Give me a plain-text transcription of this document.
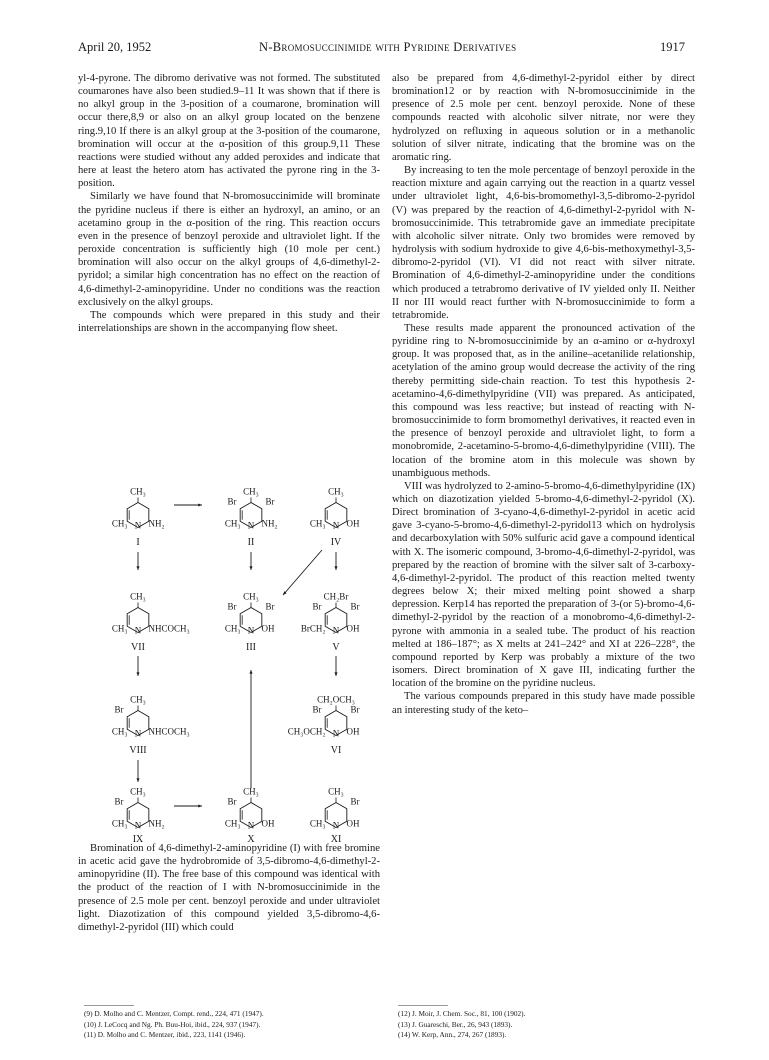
April 20, 1952	N-Bromosuccinimide with Pyridine Derivatives	1917

yl-4-pyrone. The dibromo derivative was not formed. The substituted coumarones have also been studied.9–11 It was shown that if there is no alkyl group in the 3-position of a coumarone, bromination will occur there,8,9 or also on an alkyl group located on the benzene ring.9,10 If there is an alkyl group at the 3-position of the coumarone, bromination will occur at the α-position of this group.9,11 These reactions were studied without any added peroxides and indicate that here at least the hetero atom has activated the pyrone ring in the 3-position.

Similarly we have found that N-bromosuccinimide will brominate the pyridine nucleus if there is either an hydroxyl, an amino, or an acetamino group in the α-position of the ring. This reaction occurs even in the presence of benzoyl peroxide and ultraviolet light. If the peroxide concentration is sufficiently high (10 mole per cent.) bromination will also occur on the alkyl groups of 4,6-dimethyl-2-pyridol; a similar high concentration has no effect on the reaction of 4,6-dimethyl-2-aminopyridine. Under no conditions was the reaction exclusively on the alkyl groups.

The compounds which were prepared in this study and their interrelationships are shown in the accompanying flow sheet.

N
CH₃
CH₃ NH₂
I
N
CH₃
Br	Br
CH₃ NH₂
II
N
CH₃
CH₃ OH
IV
N
CH₃
CH₃ NHCOCH₃
VII
N
CH₃
Br	Br
CH₃ OH
III
N
CH₂Br
Br	Br
BrCH₂ OH
V
N
CH₃
Br
CH₃ NHCOCH₃
VIII
N
CH₂OCH₃
Br	Br
CH₃OCH₂ OH
VI
N
CH₃
Br
CH₃ NH₂
IX
N
CH₃
Br
CH₃ OH
X
N
CH₃
Br
CH₃ OH
XI

Bromination of 4,6-dimethyl-2-aminopyridine (I) with free bromine in acetic acid gave the hydrobromide of 3,5-dibromo-4,6-dimethyl-2-aminopyridine (II). The free base of this compound was identical with the product of the reaction of I with N-bromosuccinimide in the presence of 2.5 mole per cent. benzoyl peroxide and under ultraviolet light. Diazotization of this compound yielded 3,5-dibromo-4,6-dimethyl-2-pyridol (III) which could

also be prepared from 4,6-dimethyl-2-pyridol either by direct bromination12 or by reaction with N-bromosuccinimide in the presence of 2.5 mole per cent. benzoyl peroxide. None of these compounds reacted with alcoholic silver nitrate, nor were they hydrolyzed on refluxing in aqueous solution or in a methanolic solution of silver nitrate, indicating that the bromine was on the aromatic ring.

By increasing to ten the mole percentage of benzoyl peroxide in the reaction mixture and again carrying out the reaction in a quartz vessel under ultraviolet light, 4,6-bis-bromomethyl-3,5-dibromo-2-pyridol (V) was prepared by the reaction of 4,6-dimethyl-2-pyridol with N-bromosuccinimide. This tetrabromide gave an immediate precipitate with alcoholic silver nitrate. Only two bromides were removed by hydrolysis with sodium hydroxide to give 4,6-bis-methoxymethyl-3,5-dibromo-2-pyridol (VI). VI did not react with silver nitrate. Bromination of 4,6-dimethyl-2-aminopyridine under the conditions which produced a tetrabromo derivative of IV yielded only II. Neither II nor III would react further with N-bromosuccinimide to form a tetrabromide.

These results made apparent the pronounced activation of the pyridine ring to N-bromosuccinimide by an α-amino or α-hydroxyl group. It was proposed that, as in the aniline–acetanilide relationship, acetylation of the amino group would decrease the activity of the ring thereby permitting side-chain reaction. To test this hypothesis 2-acetamino-4,6-dimethylpyridine (VII) was prepared. As anticipated, this compound was less reactive; but instead of reacting with N-bromosuccinimide to form bromomethyl derivatives, it reacted even in the presence of benzoyl peroxide and ultraviolet light, to form a monobromide, 2-acetamino-5-bromo-4,6-dimethylpyridine (VIII). The location of the bromine atom in this molecule was shown by unambiguous methods.

VIII was hydrolyzed to 2-amino-5-bromo-4,6-dimethylpyridine (IX) which on diazotization yielded 5-bromo-4,6-dimethyl-2-pyridol (X). Direct bromination of 3-cyano-4,6-dimethyl-2-pyridol in acetic acid gave 3-cyano-5-bromo-4,6-dimethyl-2-pyridol13 which on hydrolysis and decarboxylation with 50% sulfuric acid gave a compound identical with X. The isomeric compound, 3-bromo-4,6-dimethyl-2-pyridol, was prepared by the reaction of bromine with the silver salt of 3-carboxy-4,6-dimethyl-2-pyridol. The product of this reaction melted twenty degrees below X; their mixed melting point showed a sharp depression. Kerp14 has reported the preparation of 3-(or 5)-bromo-4,6-dimethyl-2-pyridol by the reaction of a monobromo-4,6-dimethyl-2-pyrone with ammonia in a sealed tube. The product of his reaction melted at 186–187°; as X melts at 241–242° and XI at 226–228°, the compound reported by Kerp was probably a mixture of the two isomers. Direct bromination of X gave III, indicating further the location of the bromine on the pyridine nucleus.

The various compounds prepared in this study have made possible an interesting study of the keto–

(9) D. Molho and C. Mentzer, Compt. rend., 224, 471 (1947).
(10) J. LeCocq and Ng. Ph. Buu-Hoi, ibid., 224, 937 (1947).
(11) D. Molho and C. Mentzer, ibid., 223, 1141 (1946).
(12) J. Moir, J. Chem. Soc., 81, 100 (1902).
(13) J. Guareschi, Ber., 26, 943 (1893).
(14) W. Kerp, Ann., 274, 267 (1893).
